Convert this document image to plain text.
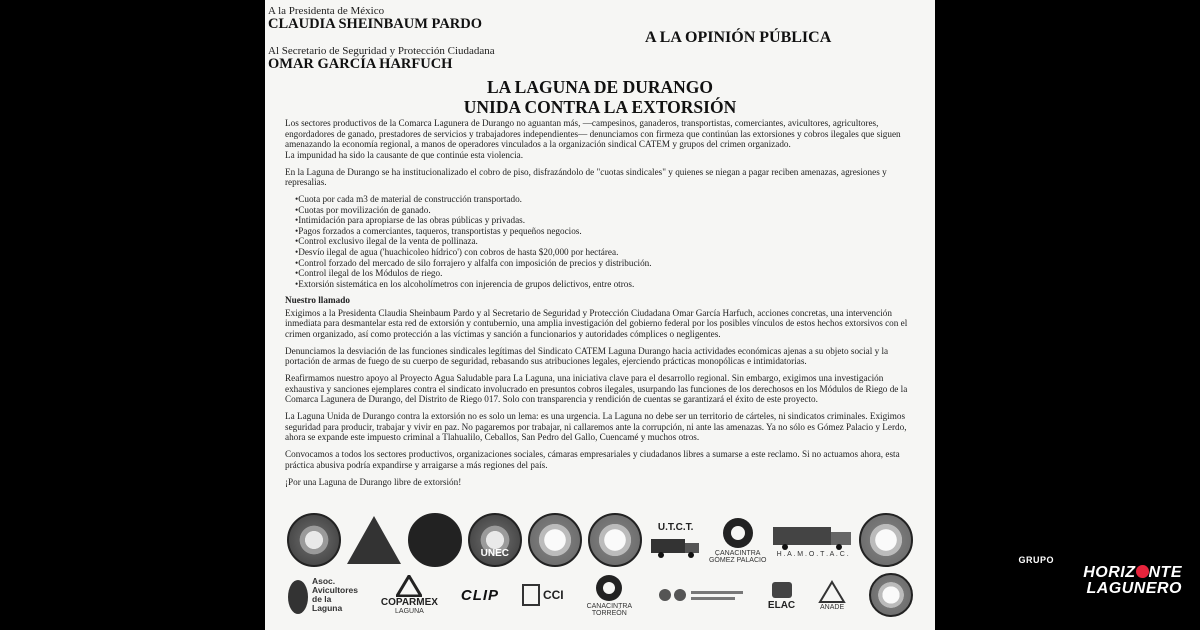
A la Presidenta de México
CLAUDIA SHEINBAUM PARDO
Al Secretario de Seguridad y Protección Ciudadana
OMAR GARCÍA HARFUCH
A LA OPINIÓN PÚBLICA
LA LAGUNA DE DURANGO
UNIDA CONTRA LA EXTORSIÓN

Los sectores productivos de la Comarca Lagunera de Durango no aguantan más, —campesinos, ganaderos, transportistas, comerciantes, avicultores, agricultores, engordadores de ganado, prestadores de servicios y trabajadores independientes— denunciamos con firmeza que continúan las extorsiones y cobros ilegales que siguen amenazando la economía regional, a manos de operadores vinculados a la organización sindical CATEM y grupos del crimen organizado.
La impunidad ha sido la causante de que continúe esta violencia.

En la Laguna de Durango se ha institucionalizado el cobro de piso, disfrazándolo de "cuotas sindicales" y quienes se niegan a pagar reciben amenazas, agresiones y represalias.

• Cuota por cada m3 de material de construcción transportado.
• Cuotas por movilización de ganado.
• Intimidación para apropiarse de las obras públicas y privadas.
• Pagos forzados a comerciantes, taqueros, transportistas y pequeños negocios.
• Control exclusivo ilegal de la venta de pollinaza.
• Desvío ilegal de agua ('huachicoleo hídrico') con cobros de hasta $20,000 por hectárea.
• Control forzado del mercado de silo forrajero y alfalfa con imposición de precios y distribución.
• Control ilegal de los Módulos de riego.
• Extorsión sistemática en los alcoholímetros con injerencia de grupos delictivos, entre otros.

Nuestro llamado

Exigimos a la Presidenta Claudia Sheinbaum Pardo y al Secretario de Seguridad y Protección Ciudadana Omar García Harfuch, acciones concretas, una intervención inmediata para desmantelar esta red de extorsión y contubernio, una amplia investigación del gobierno federal por los posibles vínculos de estos hechos extorsivos con el crimen organizado, así como protección a las víctimas y sanción a funcionarios y autoridades cómplices o negligentes.

Denunciamos la desviación de las funciones sindicales legítimas del Sindicato CATEM Laguna Durango hacia actividades económicas ajenas a su objeto social y la portación de armas de fuego de su cuerpo de seguridad, rebasando sus atribuciones legales, ejerciendo prácticas monopólicas e intimidatorias.

Reafirmamos nuestro apoyo al Proyecto Agua Saludable para La Laguna, una iniciativa clave para el desarrollo regional. Sin embargo, exigimos una investigación exhaustiva y sanciones ejemplares contra el sindicato involucrado en presuntos cobros ilegales, usurpando las funciones de los derechosos en los Módulos de Riego de la Comarca Lagunera de Durango, del Distrito de Riego 017. Solo con transparencia y rendición de cuentas se garantizará el éxito de este proyecto.

La Laguna Unida de Durango contra la extorsión no es solo un lema: es una urgencia. La Laguna no debe ser un territorio de cárteles, ni sindicatos criminales. Exigimos seguridad para producir, trabajar y vivir en paz. No pagaremos por trabajar, ni callaremos ante la corrupción, ni ante las amenazas. Ya no sólo es Gómez Palacio y Lerdo, ahora se expande este impuesto criminal a Tlahualilo, Ceballos, San Pedro del Gallo, Cuencamé y muchos otros.

Convocamos a todos los sectores productivos, organizaciones sociales, cámaras empresariales y ciudadanos libres a sumarse a este reclamo. Si no actuamos ahora, esta práctica abusiva podría expandirse y arraigarse a más regiones del país.

¡Por una Laguna de Durango libre de extorsión!

UNEC
U.T.C.T.
CANACINTRA
GÓMEZ PALACIO
H . A . M . O . T . A . C .
Asoc.
Avicultores
de la
Laguna	COPARMEX
LAGUNA
CLIP	CCI
CANACINTRA
TORREÓN
ELAC	ANADE
GRUPO
HORIZ NTE
LAGUNERO
